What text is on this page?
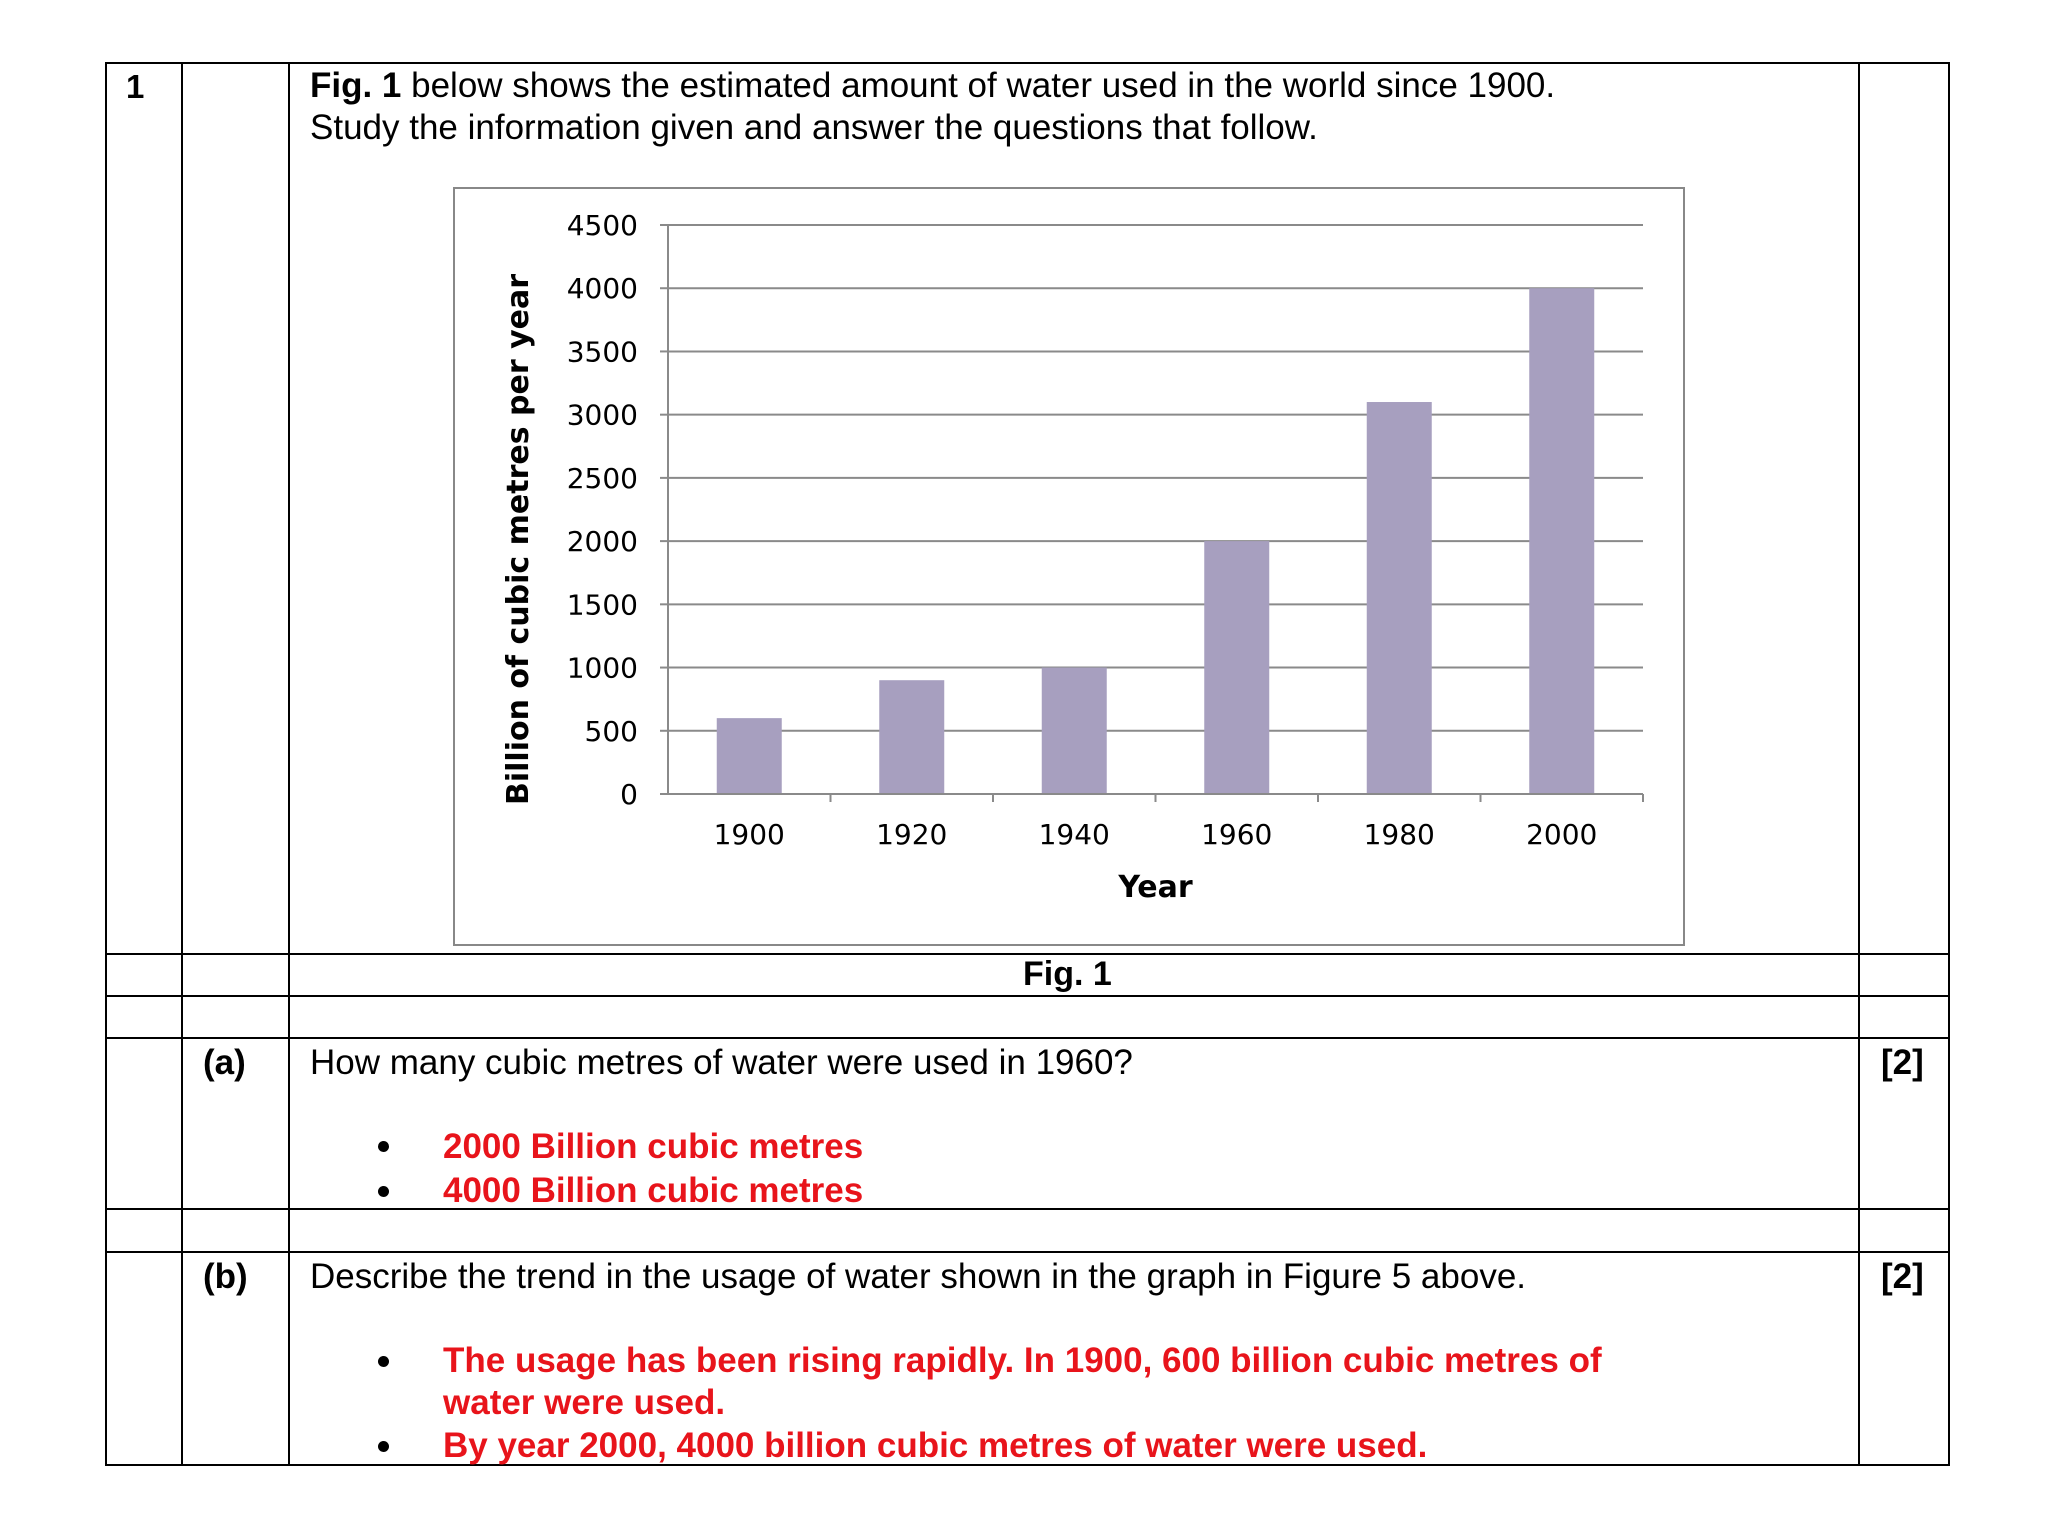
1	Fig. 1 below shows the estimated amount of water used in the world since 1900.
Study the information given and answer the questions that follow.
0
500
1000
1500
2000
2500
3000
3500
4000
4500
1900	1920	1940	1960	1980	2000
Year
Billion of cubic metres per year
Fig. 1
(a) How many cubic metres of water were used in 1960?	[2]
2000 Billion cubic metres
4000 Billion cubic metres
(b) Describe the trend in the usage of water shown in the graph in Figure 5 above.	[2]
The usage has been rising rapidly. In 1900, 600 billion cubic metres of
water were used.
By year 2000, 4000 billion cubic metres of water were used.
